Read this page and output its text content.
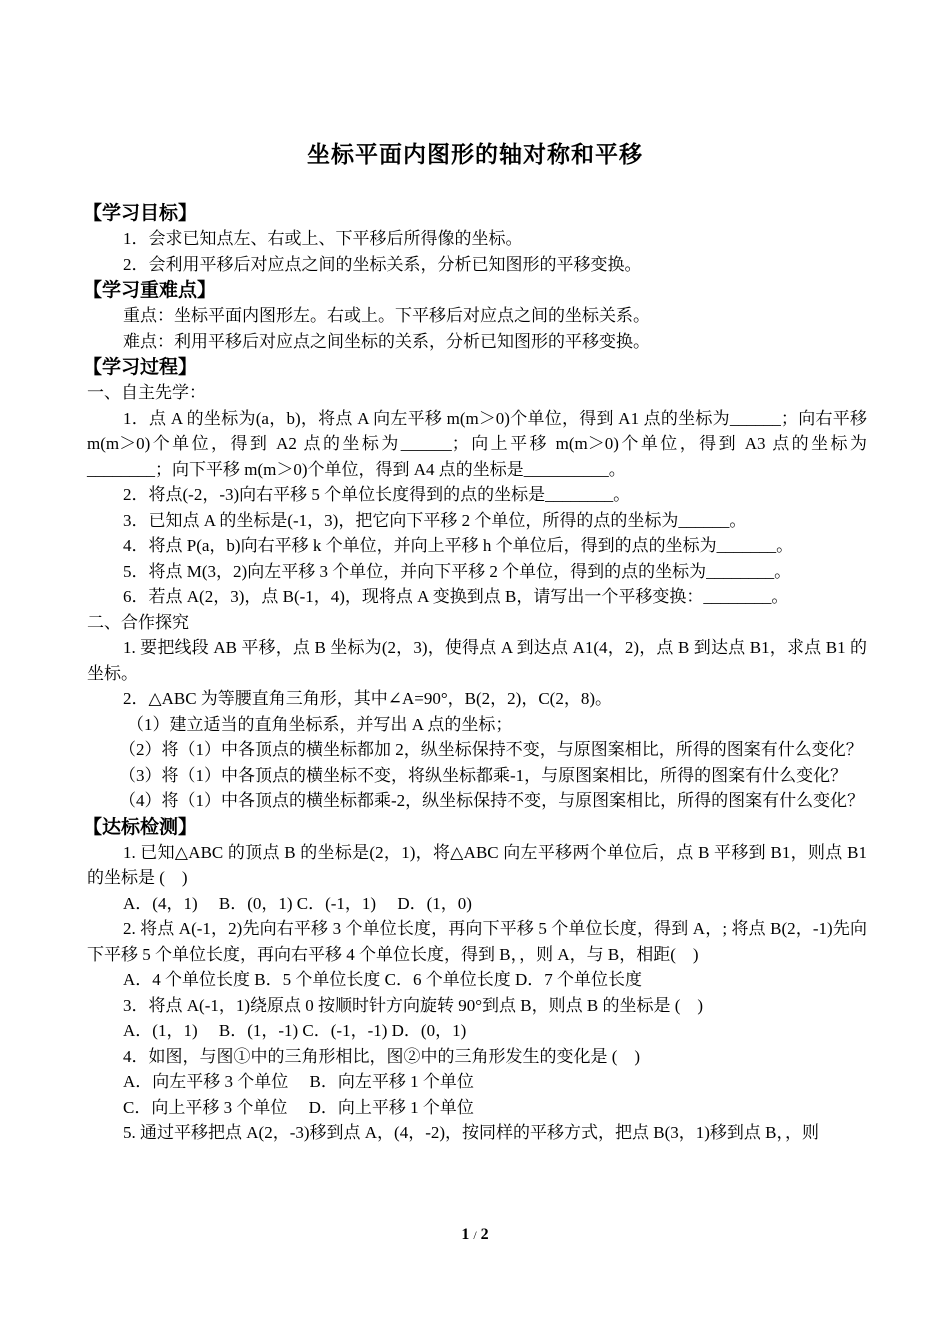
坐标平面内图形的轴对称和平移
【学习目标】
1．会求已知点左、右或上、下平移后所得像的坐标。
2．会利用平移后对应点之间的坐标关系，分析已知图形的平移变换。
【学习重难点】
重点：坐标平面内图形左。右或上。下平移后对应点之间的坐标关系。
难点：利用平移后对应点之间坐标的关系，分析已知图形的平移变换。
【学习过程】
一、自主先学：
1．点 A 的坐标为(a，b)，将点 A 向左平移 m(m＞0)个单位，得到 A1 点的坐标为______；向右平移 m(m＞0)个单位，得到 A2 点的坐标为______；向上平移 m(m＞0)个单位，得到 A3 点的坐标为________；向下平移 m(m＞0)个单位，得到 A4 点的坐标是__________。
2．将点(-2，-3)向右平移 5 个单位长度得到的点的坐标是________。
3．已知点 A 的坐标是(-1，3)，把它向下平移 2 个单位，所得的点的坐标为______。
4．将点 P(a，b)向右平移 k 个单位，并向上平移 h 个单位后，得到的点的坐标为_______。
5．将点 M(3，2)向左平移 3 个单位，并向下平移 2 个单位，得到的点的坐标为________。
6．若点 A(2，3)，点 B(-1，4)，现将点 A 变换到点 B，请写出一个平移变换：________。
二、合作探究
1. 要把线段 AB 平移，点 B 坐标为(2，3)，使得点 A 到达点 A1(4，2)，点 B 到达点 B1，求点 B1 的坐标。
2．△ABC 为等腰直角三角形，其中∠A=90°，B(2，2)，C(2，8)。
（1）建立适当的直角坐标系，并写出 A 点的坐标；
（2）将（1）中各顶点的横坐标都加 2，纵坐标保持不变，与原图案相比，所得的图案有什么变化？
（3）将（1）中各顶点的横坐标不变，将纵坐标都乘-1，与原图案相比，所得的图案有什么变化？
（4）将（1）中各顶点的横坐标都乘-2，纵坐标保持不变，与原图案相比，所得的图案有什么变化？
【达标检测】
1. 已知△ABC 的顶点 B 的坐标是(2，1)，将△ABC 向左平移两个单位后，点 B 平移到 B1，则点 B1 的坐标是 (　)
A．(4，1)　 B．(0，1) C．(-1，1)　 D．(1，0)
2. 将点 A(-1，2)先向右平移 3 个单位长度，再向下平移 5 个单位长度，得到 A，; 将点 B(2，-1)先向下平移 5 个单位长度，再向右平移 4 个单位长度，得到 B，，则 A，与 B，相距(　)
A．4 个单位长度 B．5 个单位长度 C．6 个单位长度 D．7 个单位长度
3．将点 A(-1，1)绕原点 0 按顺时针方向旋转 90°到点 B，则点 B 的坐标是 (　)
A．(1，1)　 B．(1，-1) C．(-1，-1) D．(0，1)
4．如图，与图①中的三角形相比，图②中的三角形发生的变化是 (　)
A．向左平移 3 个单位　 B．向左平移 1 个单位
C．向上平移 3 个单位　 D．向上平移 1 个单位
5. 通过平移把点 A(2，-3)移到点 A，(4，-2)，按同样的平移方式，把点 B(3，1)移到点 B，，则
1 / 2
